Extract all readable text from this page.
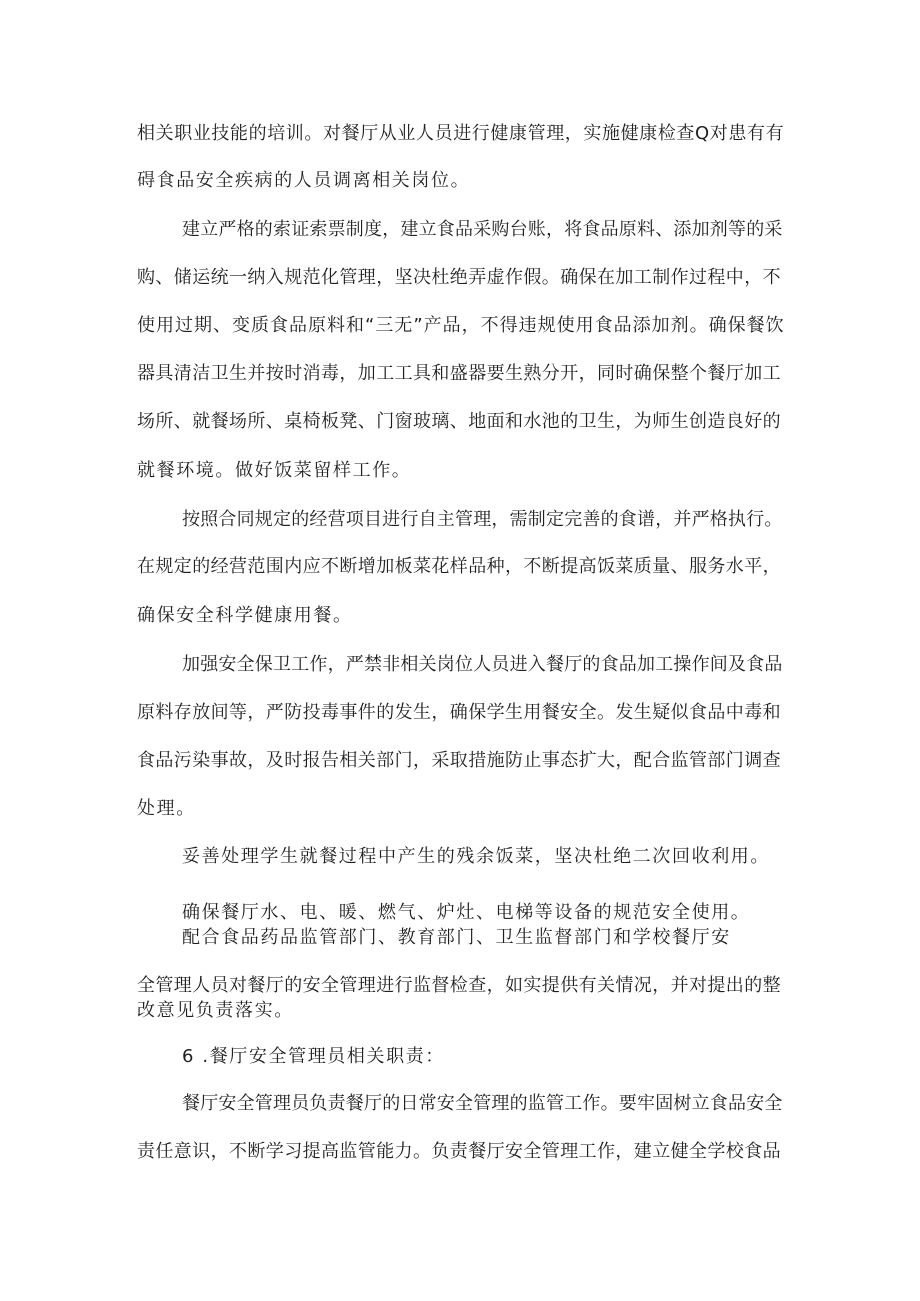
相关职业技能的培训。对餐厅从业人员进行健康管理，实施健康检查Q对患有有

碍食品安全疾病的人员调离相关岗位。

建立严格的索证索票制度，建立食品采购台账，将食品原料、添加剂等的采

购、储运统一纳入规范化管理，坚决杜绝弄虚作假。确保在加工制作过程中，不

使用过期、变质食品原料和“三无”产品，不得违规使用食品添加剂。确保餐饮

器具清洁卫生并按时消毒，加工工具和盛器要生熟分开，同时确保整个餐厅加工

场所、就餐场所、桌椅板凳、门窗玻璃、地面和水池的卫生，为师生创造良好的

就餐环境。做好饭菜留样工作。

按照合同规定的经营项目进行自主管理，需制定完善的食谱，并严格执行。

在规定的经营范围内应不断增加板菜花样品种，不断提高饭菜质量、服务水平，

确保安全科学健康用餐。

加强安全保卫工作，严禁非相关岗位人员进入餐厅的食品加工操作间及食品

原料存放间等，严防投毒事件的发生，确保学生用餐安全。发生疑似食品中毒和

食品污染事故，及时报告相关部门，采取措施防止事态扩大，配合监管部门调查

处理。

妥善处理学生就餐过程中产生的残余饭菜，坚决杜绝二次回收利用。

确保餐厅水、电、暖、燃气、炉灶、电梯等设备的规范安全使用。

配合食品药品监管部门、教育部门、卫生监督部门和学校餐厅安

全管理人员对餐厅的安全管理进行监督检查，如实提供有关情况，并对提出的整

改意见负责落实。

6 .餐厅安全管理员相关职责：

餐厅安全管理员负责餐厅的日常安全管理的监管工作。要牢固树立食品安全

责任意识，不断学习提高监管能力。负责餐厅安全管理工作，建立健全学校食品
